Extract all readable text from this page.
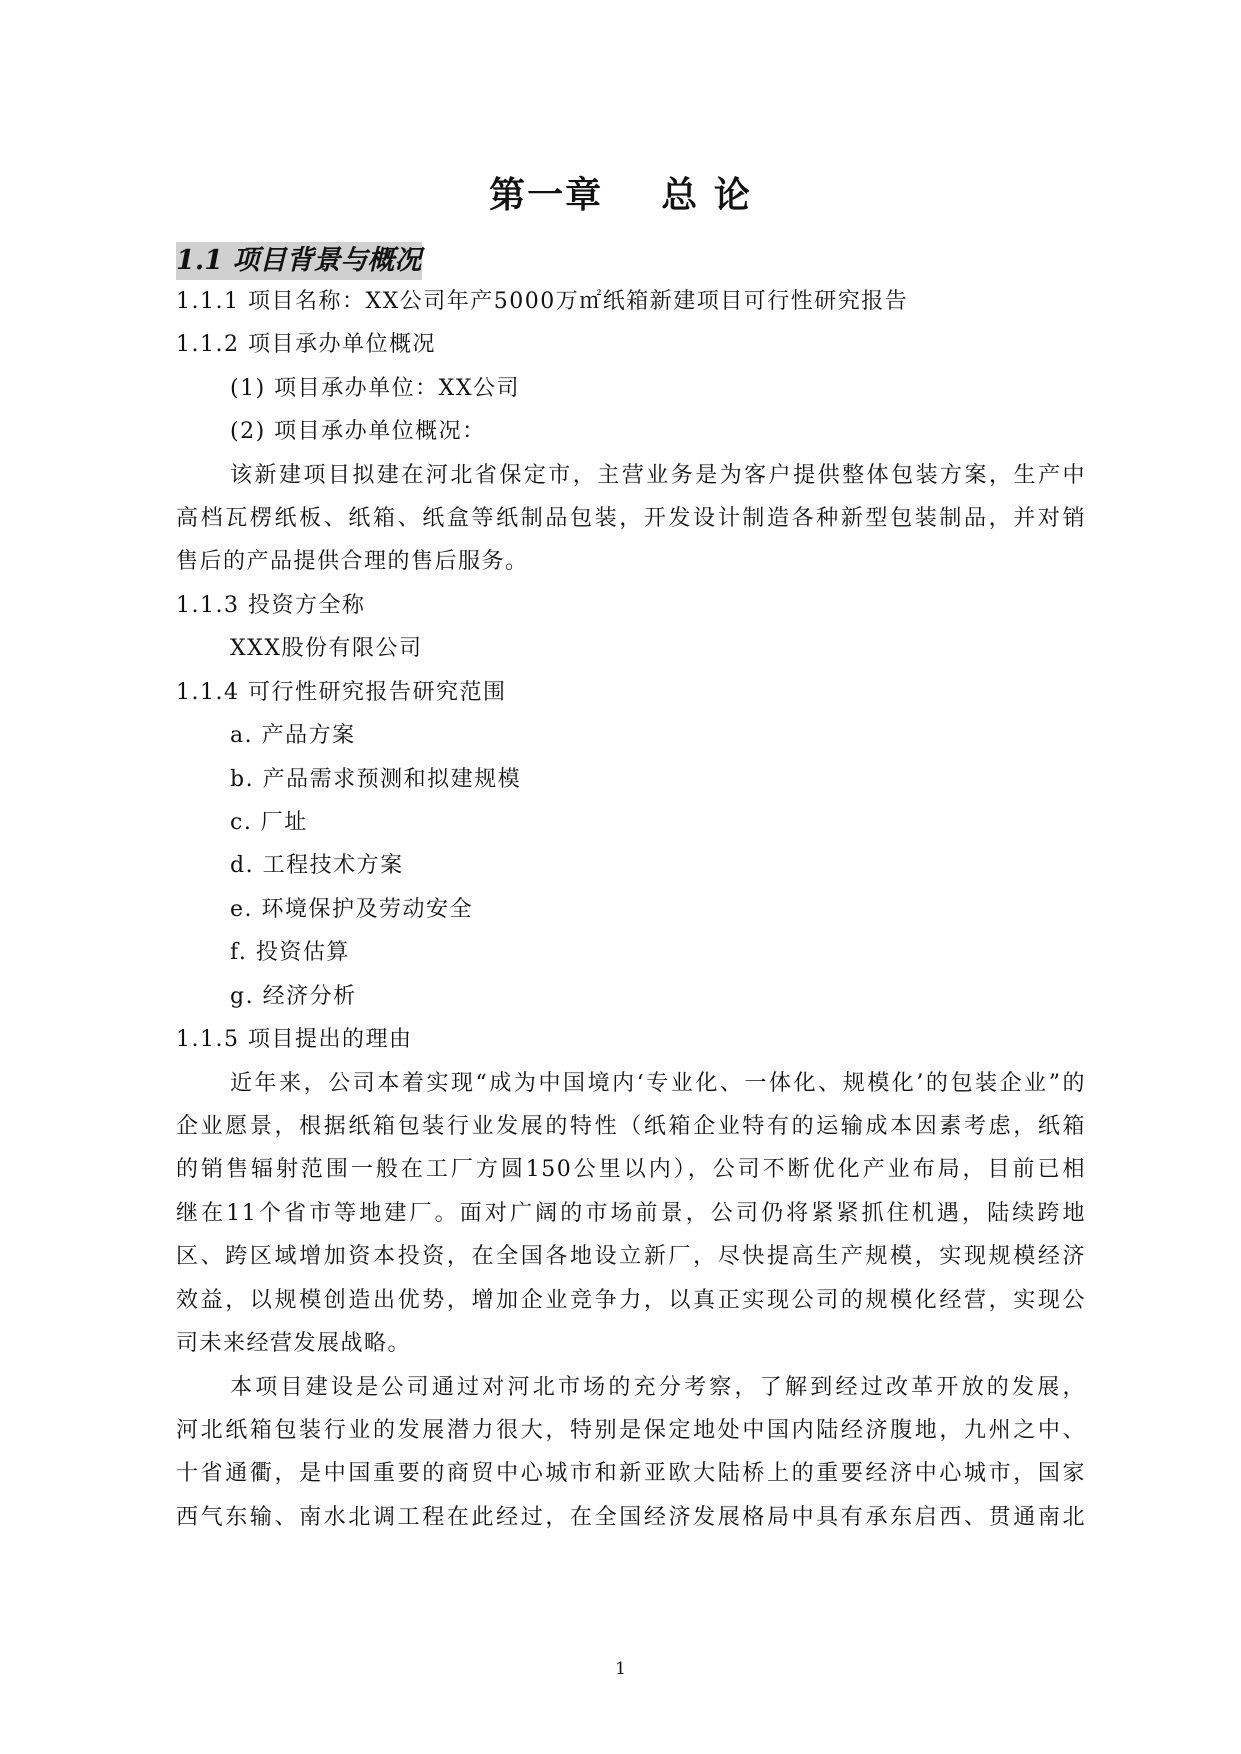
第一章    总 论
1.1 项目背景与概况
1.1.1 项目名称：XX公司年产5000万㎡纸箱新建项目可行性研究报告
1.1.2 项目承办单位概况
(1) 项目承办单位：XX公司
(2) 项目承办单位概况：
该新建项目拟建在河北省保定市，主营业务是为客户提供整体包装方案，生产中
高档瓦楞纸板、纸箱、纸盒等纸制品包装，开发设计制造各种新型包装制品，并对销
售后的产品提供合理的售后服务。
1.1.3 投资方全称
XXX股份有限公司
1.1.4 可行性研究报告研究范围
a. 产品方案
b. 产品需求预测和拟建规模
c. 厂址
d. 工程技术方案
e. 环境保护及劳动安全
f. 投资估算
g. 经济分析
1.1.5 项目提出的理由
近年来，公司本着实现“成为中国境内‘专业化、一体化、规模化’的包装企业”的
企业愿景，根据纸箱包装行业发展的特性（纸箱企业特有的运输成本因素考虑，纸箱
的销售辐射范围一般在工厂方圆150公里以内），公司不断优化产业布局，目前已相
继在11个省市等地建厂。面对广阔的市场前景，公司仍将紧紧抓住机遇，陆续跨地
区、跨区域增加资本投资，在全国各地设立新厂，尽快提高生产规模，实现规模经济
效益，以规模创造出优势，增加企业竞争力，以真正实现公司的规模化经营，实现公
司未来经营发展战略。
本项目建设是公司通过对河北市场的充分考察，了解到经过改革开放的发展，
河北纸箱包装行业的发展潜力很大，特别是保定地处中国内陆经济腹地，九州之中、
十省通衢，是中国重要的商贸中心城市和新亚欧大陆桥上的重要经济中心城市，国家
西气东输、南水北调工程在此经过，在全国经济发展格局中具有承东启西、贯通南北
1
